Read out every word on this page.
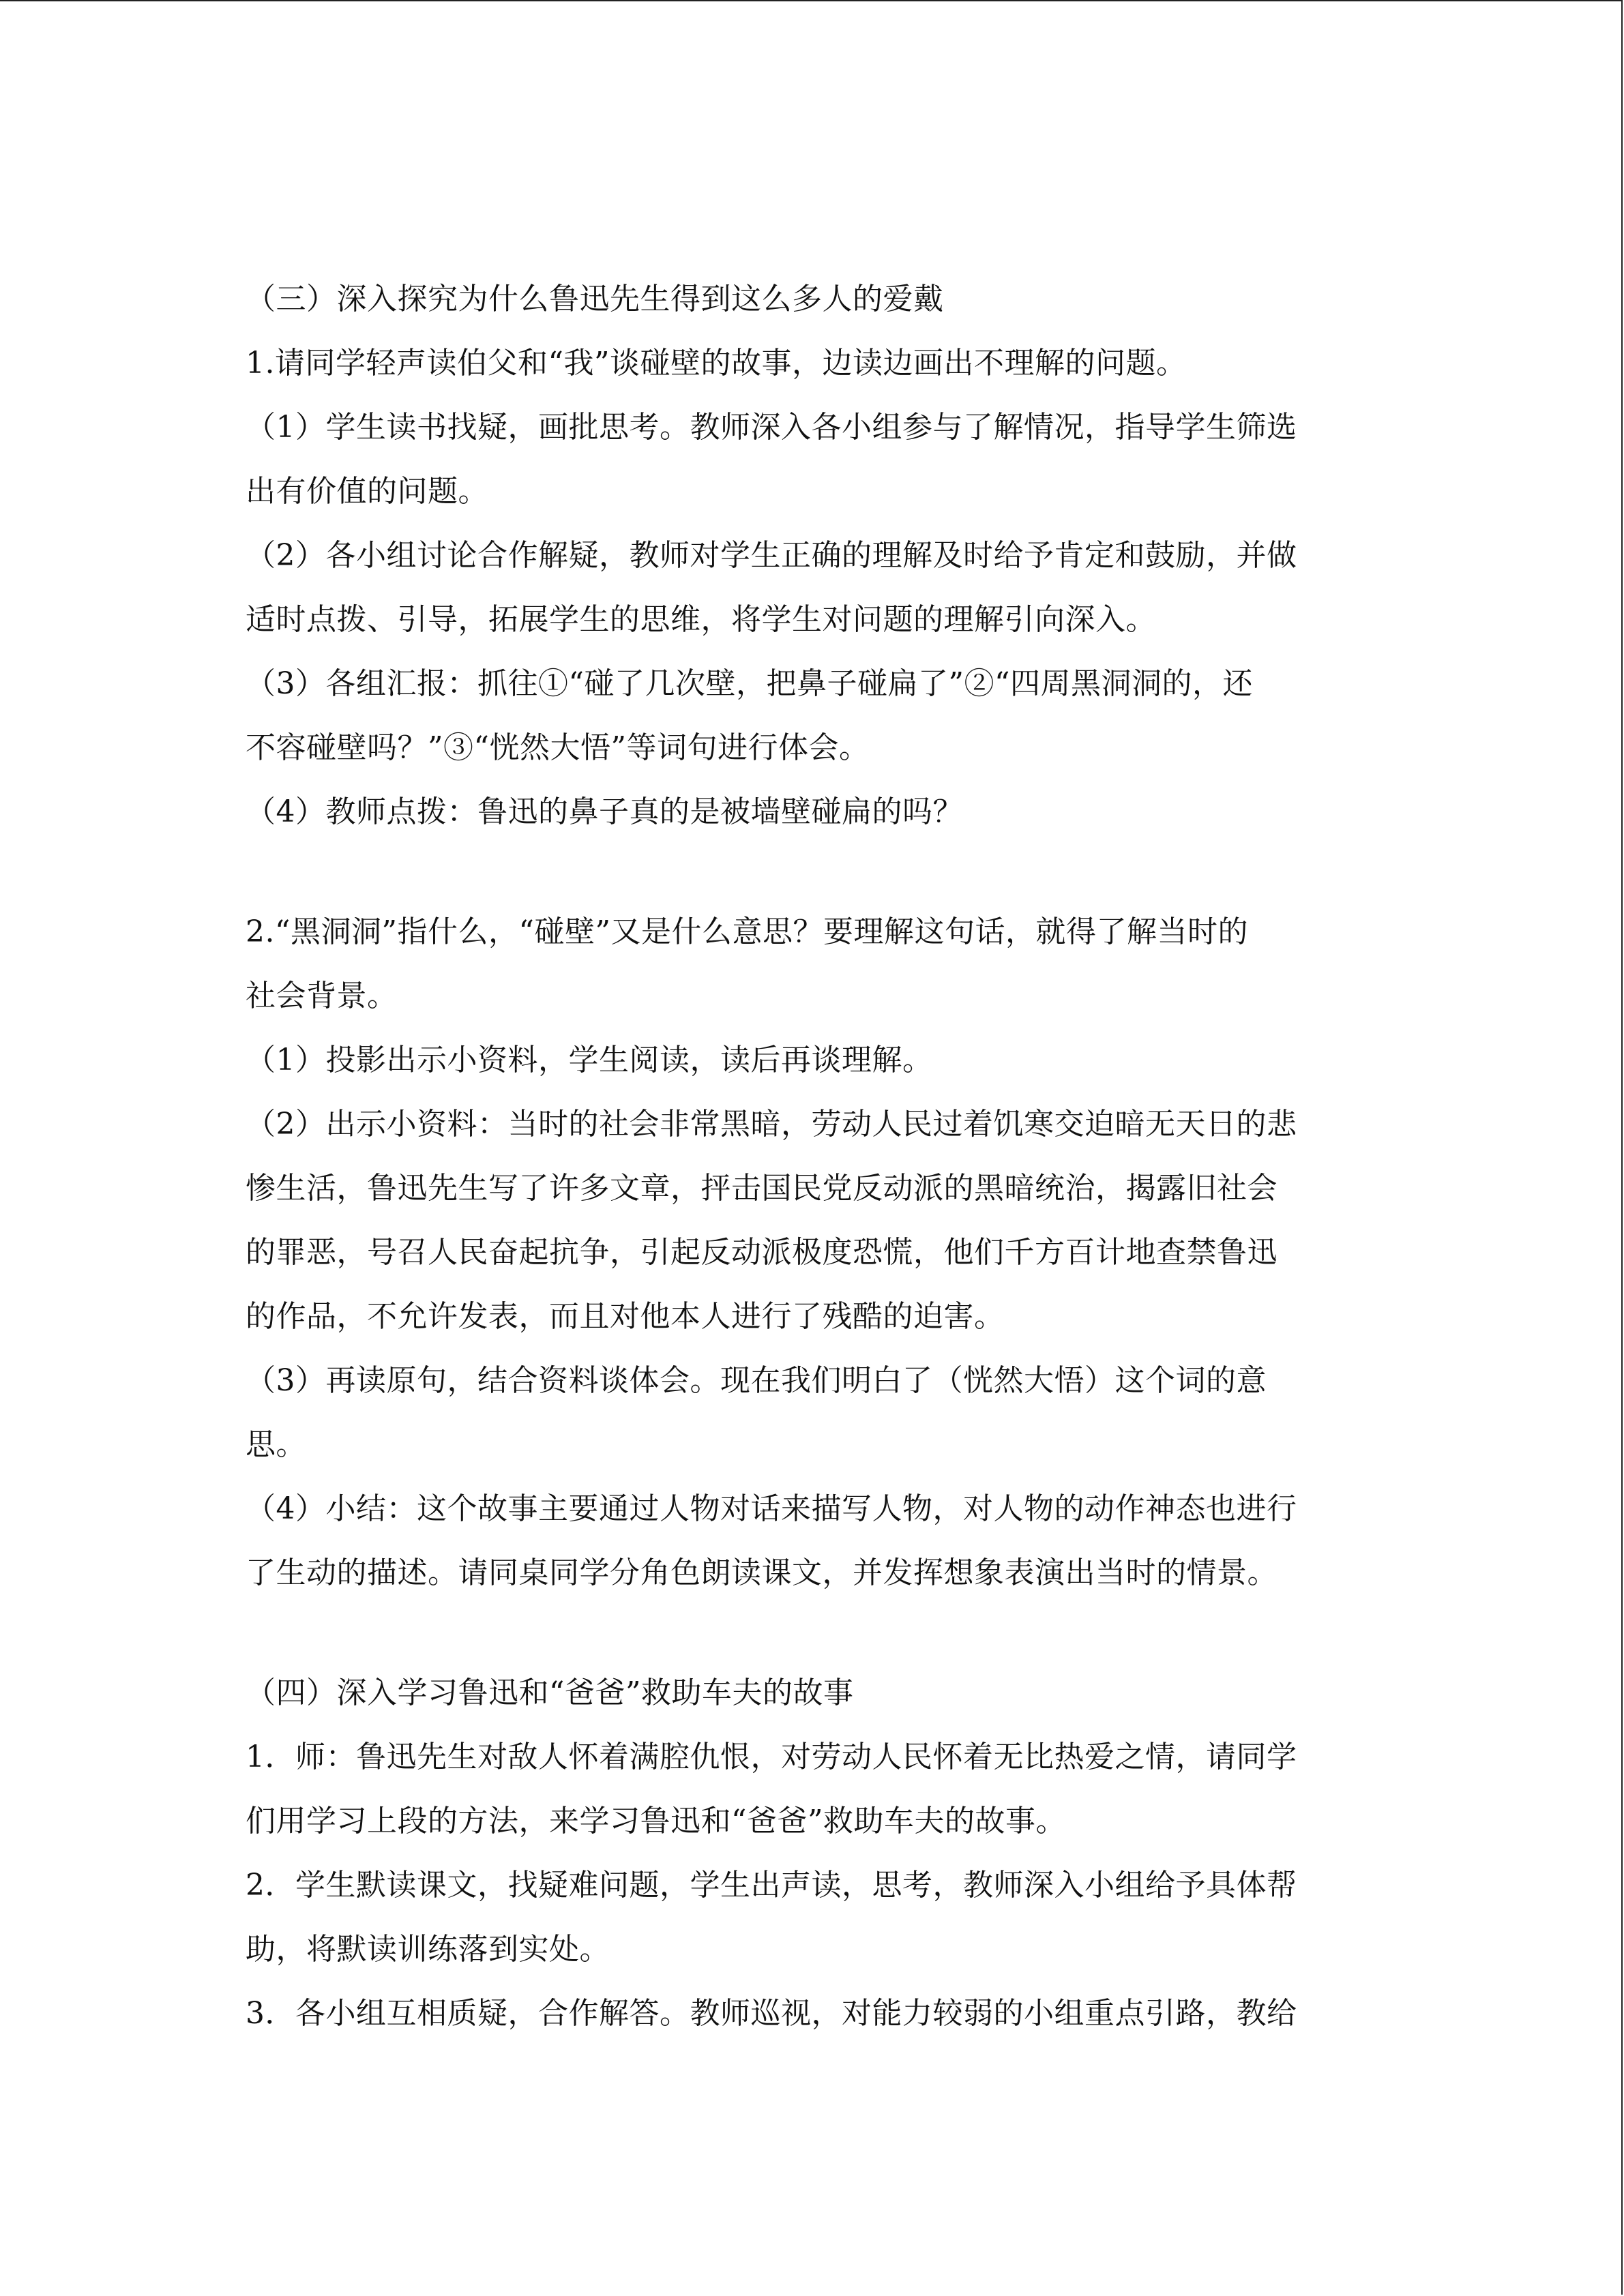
（三）深入探究为什么鲁迅先生得到这么多人的爱戴
1.请同学轻声读伯父和“我”谈碰壁的故事，边读边画出不理解的问题。
（1）学生读书找疑，画批思考。教师深入各小组参与了解情况，指导学生筛选
出有价值的问题。
（2）各小组讨论合作解疑，教师对学生正确的理解及时给予肯定和鼓励，并做
适时点拨、引导，拓展学生的思维，将学生对问题的理解引向深入。
（3）各组汇报：抓往①“碰了几次壁，把鼻子碰扁了”②“四周黑洞洞的，还
不容碰壁吗？”③“恍然大悟”等词句进行体会。
（4）教师点拨：鲁迅的鼻子真的是被墙壁碰扁的吗？
2.“黑洞洞”指什么，“碰壁”又是什么意思？要理解这句话，就得了解当时的
社会背景。
（1）投影出示小资料，学生阅读，读后再谈理解。
（2）出示小资料：当时的社会非常黑暗，劳动人民过着饥寒交迫暗无天日的悲
惨生活，鲁迅先生写了许多文章，抨击国民党反动派的黑暗统治，揭露旧社会
的罪恶，号召人民奋起抗争，引起反动派极度恐慌，他们千方百计地查禁鲁迅
的作品，不允许发表，而且对他本人进行了残酷的迫害。
（3）再读原句，结合资料谈体会。现在我们明白了（恍然大悟）这个词的意
思。
（4）小结：这个故事主要通过人物对话来描写人物，对人物的动作神态也进行
了生动的描述。请同桌同学分角色朗读课文，并发挥想象表演出当时的情景。
（四）深入学习鲁迅和“爸爸”救助车夫的故事
1．师：鲁迅先生对敌人怀着满腔仇恨，对劳动人民怀着无比热爱之情，请同学
们用学习上段的方法，来学习鲁迅和“爸爸”救助车夫的故事。
2．学生默读课文，找疑难问题，学生出声读，思考，教师深入小组给予具体帮
助，将默读训练落到实处。
3．各小组互相质疑，合作解答。教师巡视，对能力较弱的小组重点引路，教给
